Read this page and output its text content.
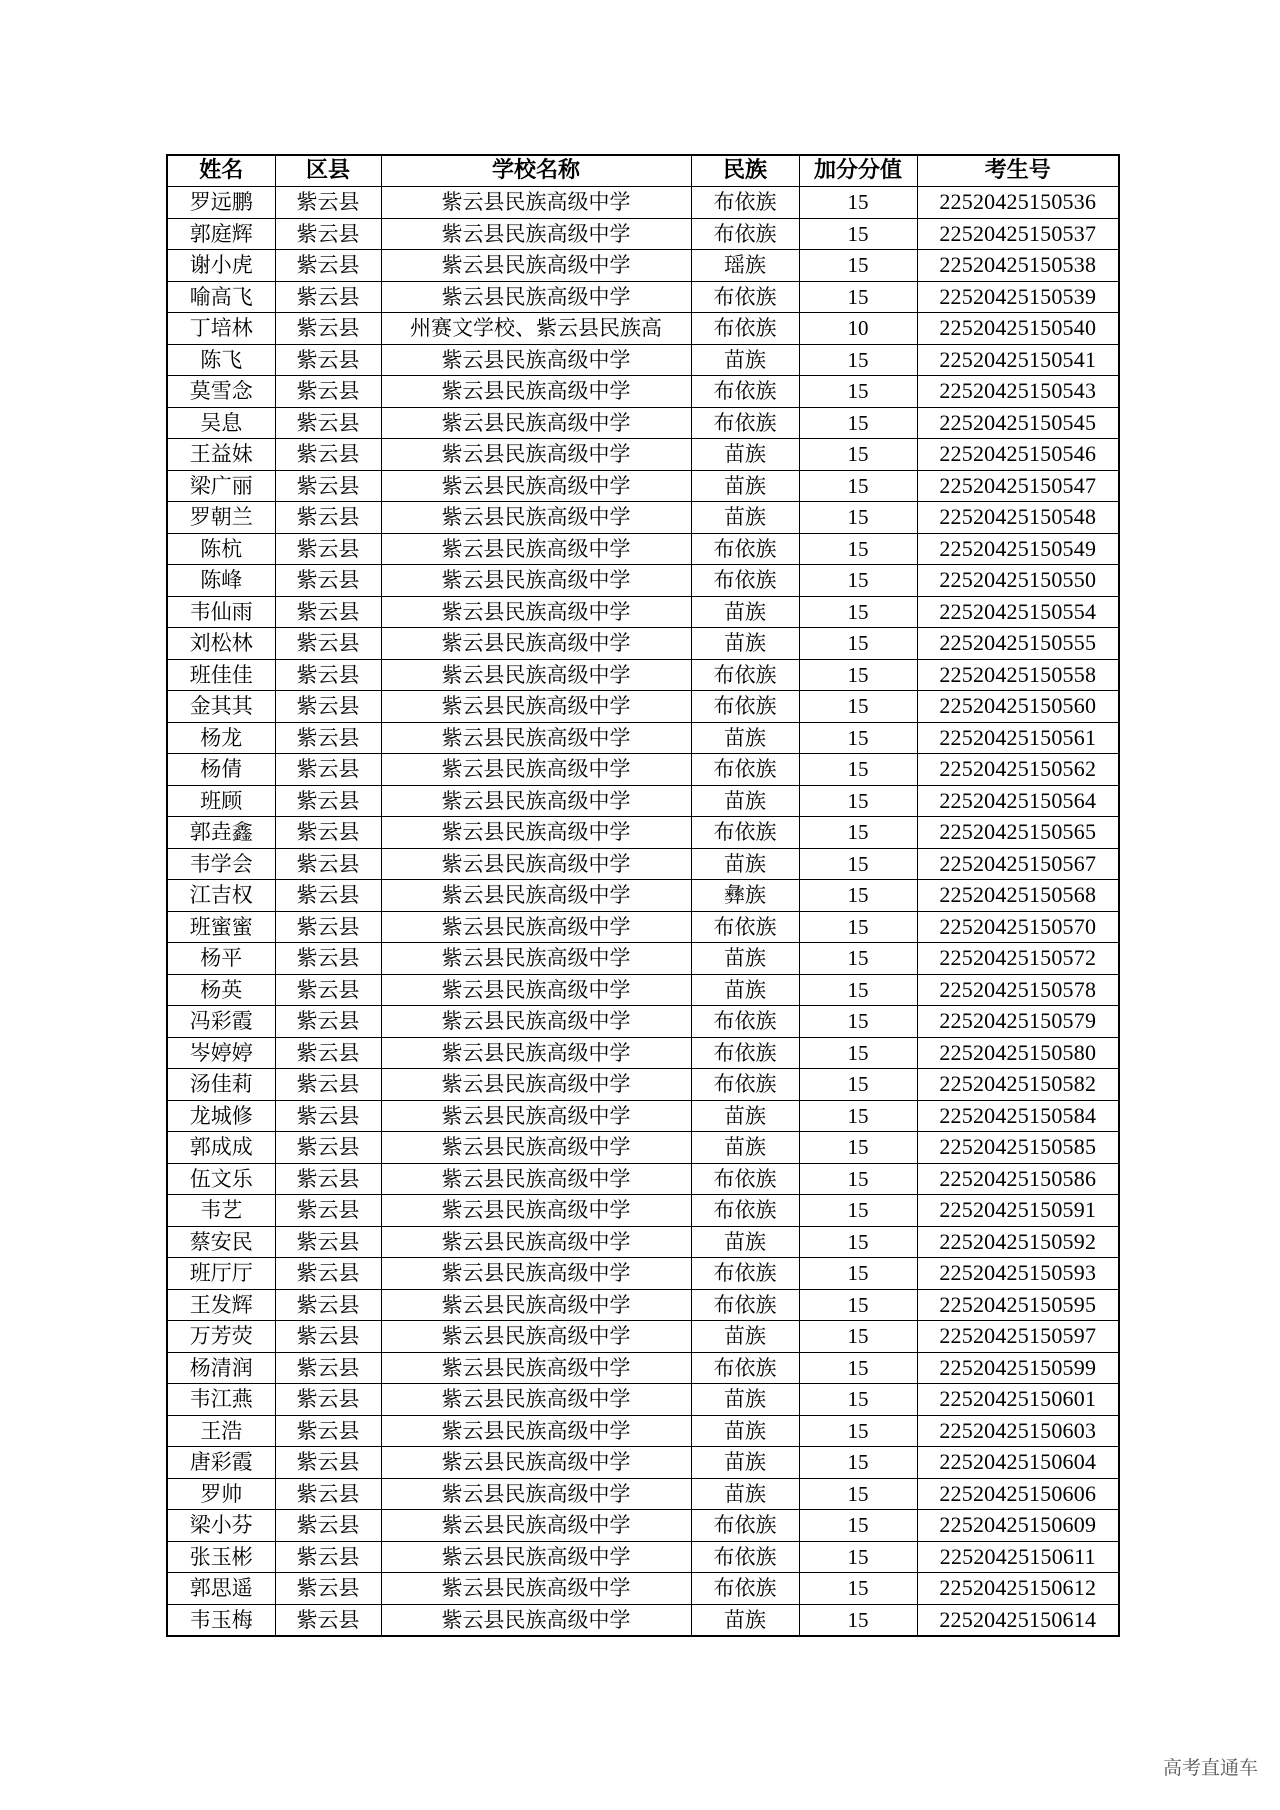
姓名	区县	学校名称	民族	加分分值	考生号
罗远鹏	紫云县	紫云县民族高级中学	布依族	15	22520425150536
郭庭辉	紫云县	紫云县民族高级中学	布依族	15	22520425150537
谢小虎	紫云县	紫云县民族高级中学	瑶族	15	22520425150538
喻高飞	紫云县	紫云县民族高级中学	布依族	15	22520425150539
丁培林	紫云县	州赛文学校、紫云县民族高	布依族	10	22520425150540
陈飞	紫云县	紫云县民族高级中学	苗族	15	22520425150541
莫雪念	紫云县	紫云县民族高级中学	布依族	15	22520425150543
吴息	紫云县	紫云县民族高级中学	布依族	15	22520425150545
王益妹	紫云县	紫云县民族高级中学	苗族	15	22520425150546
梁广丽	紫云县	紫云县民族高级中学	苗族	15	22520425150547
罗朝兰	紫云县	紫云县民族高级中学	苗族	15	22520425150548
陈杭	紫云县	紫云县民族高级中学	布依族	15	22520425150549
陈峰	紫云县	紫云县民族高级中学	布依族	15	22520425150550
韦仙雨	紫云县	紫云县民族高级中学	苗族	15	22520425150554
刘松林	紫云县	紫云县民族高级中学	苗族	15	22520425150555
班佳佳	紫云县	紫云县民族高级中学	布依族	15	22520425150558
金其其	紫云县	紫云县民族高级中学	布依族	15	22520425150560
杨龙	紫云县	紫云县民族高级中学	苗族	15	22520425150561
杨倩	紫云县	紫云县民族高级中学	布依族	15	22520425150562
班顾	紫云县	紫云县民族高级中学	苗族	15	22520425150564
郭垚鑫	紫云县	紫云县民族高级中学	布依族	15	22520425150565
韦学会	紫云县	紫云县民族高级中学	苗族	15	22520425150567
江吉权	紫云县	紫云县民族高级中学	彝族	15	22520425150568
班蜜蜜	紫云县	紫云县民族高级中学	布依族	15	22520425150570
杨平	紫云县	紫云县民族高级中学	苗族	15	22520425150572
杨英	紫云县	紫云县民族高级中学	苗族	15	22520425150578
冯彩霞	紫云县	紫云县民族高级中学	布依族	15	22520425150579
岑婷婷	紫云县	紫云县民族高级中学	布依族	15	22520425150580
汤佳莉	紫云县	紫云县民族高级中学	布依族	15	22520425150582
龙城修	紫云县	紫云县民族高级中学	苗族	15	22520425150584
郭成成	紫云县	紫云县民族高级中学	苗族	15	22520425150585
伍文乐	紫云县	紫云县民族高级中学	布依族	15	22520425150586
韦艺	紫云县	紫云县民族高级中学	布依族	15	22520425150591
蔡安民	紫云县	紫云县民族高级中学	苗族	15	22520425150592
班厅厅	紫云县	紫云县民族高级中学	布依族	15	22520425150593
王发辉	紫云县	紫云县民族高级中学	布依族	15	22520425150595
万芳荧	紫云县	紫云县民族高级中学	苗族	15	22520425150597
杨清润	紫云县	紫云县民族高级中学	布依族	15	22520425150599
韦江燕	紫云县	紫云县民族高级中学	苗族	15	22520425150601
王浩	紫云县	紫云县民族高级中学	苗族	15	22520425150603
唐彩霞	紫云县	紫云县民族高级中学	苗族	15	22520425150604
罗帅	紫云县	紫云县民族高级中学	苗族	15	22520425150606
梁小芬	紫云县	紫云县民族高级中学	布依族	15	22520425150609
张玉彬	紫云县	紫云县民族高级中学	布依族	15	22520425150611
郭思遥	紫云县	紫云县民族高级中学	布依族	15	22520425150612
韦玉梅	紫云县	紫云县民族高级中学	苗族	15	22520425150614
高考直通车
